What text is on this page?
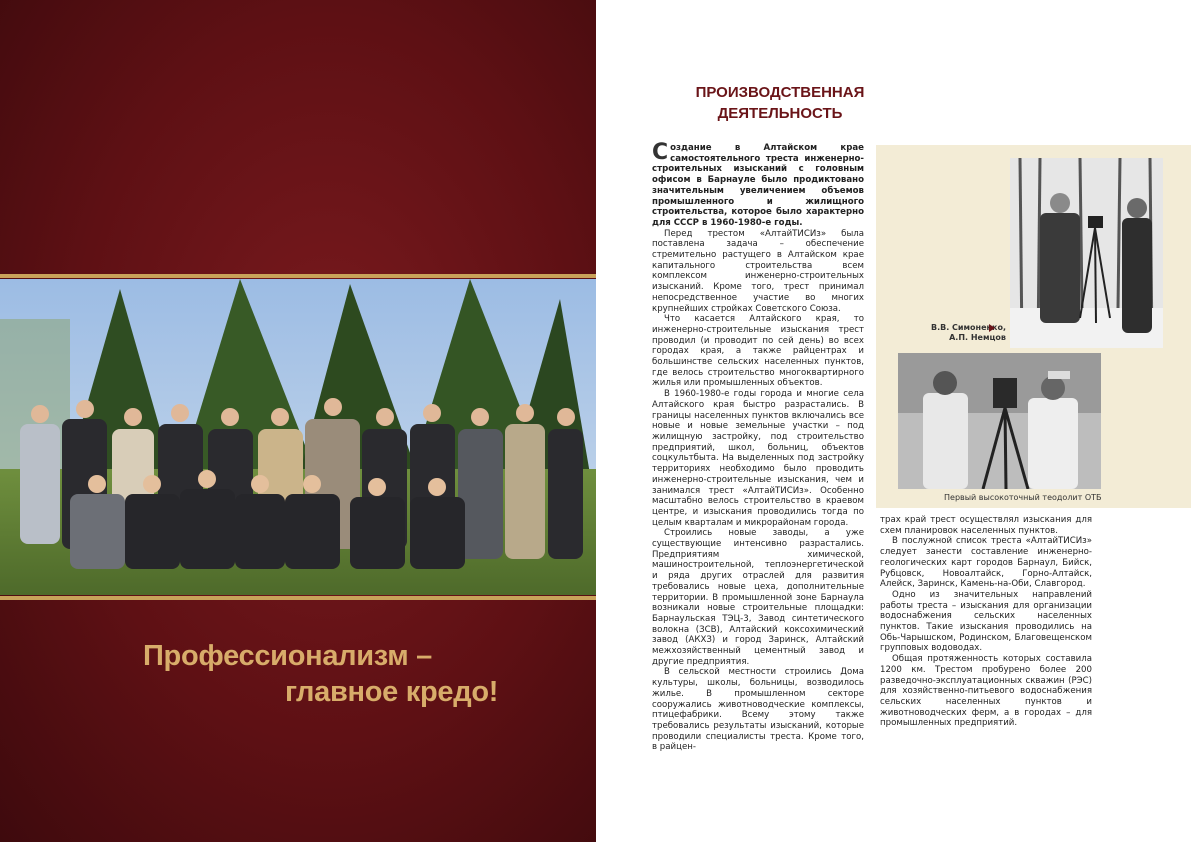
Профессионализм –
главное кредо!
ПРОИЗВОДСТВЕННАЯ
ДЕЯТЕЛЬНОСТЬ

Создание в Алтайском крае самостоятельного треста инженерно-строительных изысканий с головным офисом в Барнауле было продиктовано значительным увеличением объемов промышленного и жилищного строительства, которое было характерно для СССР в 1960-1980-е годы.

Перед трестом «АлтайТИСИз» была поставлена задача – обеспечение стремительно растущего в Алтайском крае капитального строительства всем комплексом инженерно-строительных изысканий. Кроме того, трест принимал непосредственное участие во многих крупнейших стройках Советского Союза.

Что касается Алтайского края, то инженерно-строительные изыскания трест проводил (и проводит по сей день) во всех городах края, а также райцентрах и большинстве сельских населенных пунктов, где велось строительство многоквартирного жилья или промышленных объектов.

В 1960-1980-е годы города и многие села Алтайского края быстро разрастались. В границы населенных пунктов включались все новые и новые земельные участки – под жилищную застройку, под строительство предприятий, школ, больниц, объектов соцкультбыта. На выделенных под застройку территориях необходимо было проводить инженерно-строительные изыскания, чем и занимался трест «АлтайТИСИз». Особенно масштабно велось строительство в краевом центре, и изыскания проводились тогда по целым кварталам и микрорайонам города.

Строились новые заводы, а уже существующие интенсивно разрастались. Предприятиям химической, машиностроительной, теплоэнергетической и ряда других отраслей для развития требовались новые цеха, дополнительные территории. В промышленной зоне Барнаула возникали новые строительные площадки: Барнаульская ТЭЦ-3, Завод синтетического волокна (ЗСВ), Алтайский коксохимический завод (АКХЗ) и город Заринск, Алтайский межхозяйственный цементный завод и другие предприятия.

В сельской местности строились Дома культуры, школы, больницы, возводилось жилье. В промышленном секторе сооружались животноводческие комплексы, птицефабрики. Всему этому также требовались результаты изысканий, которые проводили специалисты треста. Кроме того, в райцен-

В.В. Симоненко,
А.П. Немцов
Первый высокоточный теодолит ОТБ

трах край трест осуществлял изыскания для схем планировок населенных пунктов.

В послужной список треста «АлтайТИСИз» следует занести составление инженерно-геологических карт городов Барнаул, Бийск, Рубцовск, Новоалтайск, Горно-Алтайск, Алейск, Заринск, Камень-на-Оби, Славгород.

Одно из значительных направлений работы треста – изыскания для организации водоснабжения сельских населенных пунктов. Такие изыскания проводились на Обь-Чарышском, Родинском, Благовещенском групповых водоводах.

Общая протяженность которых составила 1200 км. Трестом пробурено более 200 разведочно-эксплуатационных скважин (РЭС) для хозяйственно-питьевого водоснабжения сельских населенных пунктов и животноводческих ферм, а в городах – для промышленных предприятий.
